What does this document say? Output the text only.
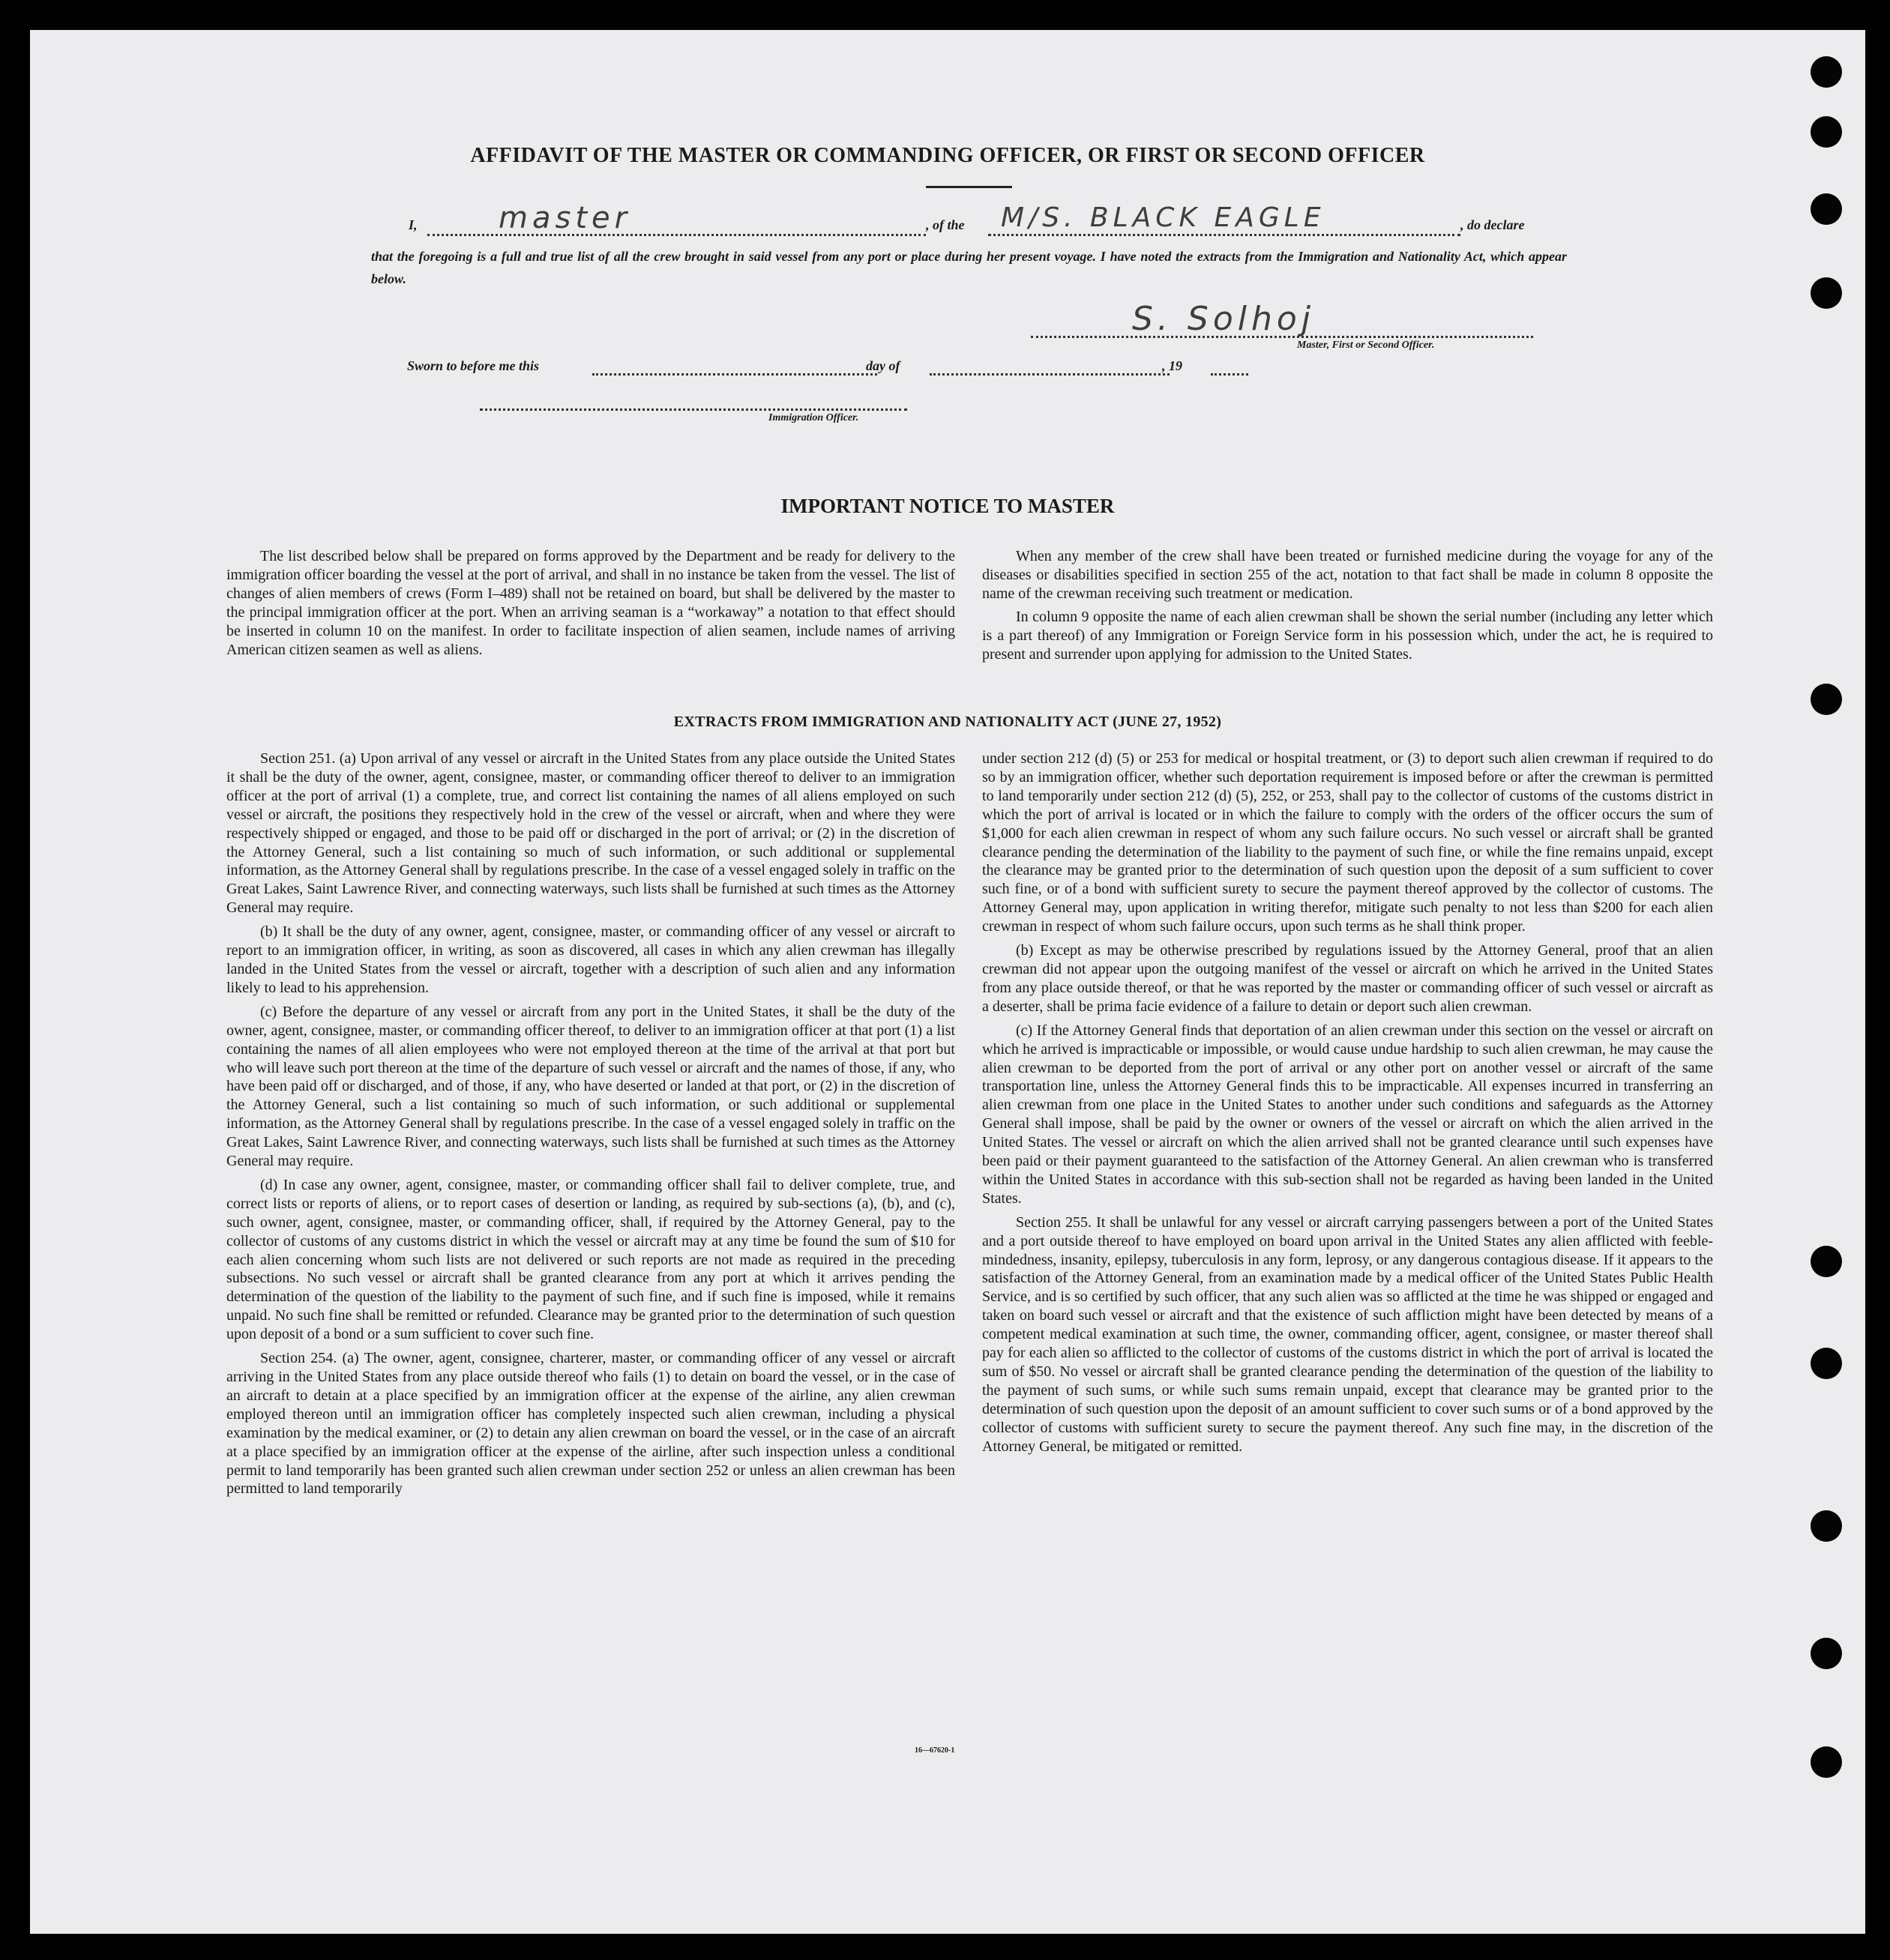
AFFIDAVIT OF THE MASTER OR COMMANDING OFFICER, OR FIRST OR SECOND OFFICER
I,	master	, of the M/S. BLACK EAGLE	, do declare
that the foregoing is a full and true list of all the crew brought in said vessel from any port or place during her present voyage. I have noted the extracts from the Immigration and Nationality Act, which appear below.
S. Solhoj
Master, First or Second Officer.
Sworn to before me this	day of	, 19
Immigration Officer.
IMPORTANT NOTICE TO MASTER

The list described below shall be prepared on forms approved by the Department and be ready for delivery to the immigration officer boarding the vessel at the port of arrival, and shall in no instance be taken from the vessel. The list of changes of alien members of crews (Form I–489) shall not be retained on board, but shall be delivered by the master to the principal immigration officer at the port. When an arriving seaman is a “workaway” a notation to that effect should be inserted in column 10 on the manifest. In order to facilitate inspection of alien seamen, include names of arriving American citizen seamen as well as aliens.

When any member of the crew shall have been treated or furnished medicine during the voyage for any of the diseases or disabilities specified in section 255 of the act, notation to that fact shall be made in column 8 opposite the name of the crewman receiving such treatment or medication.

In column 9 opposite the name of each alien crewman shall be shown the serial number (including any letter which is a part thereof) of any Immigration or Foreign Service form in his possession which, under the act, he is required to present and surrender upon applying for admission to the United States.

EXTRACTS FROM IMMIGRATION AND NATIONALITY ACT (JUNE 27, 1952)

Section 251. (a) Upon arrival of any vessel or aircraft in the United States from any place outside the United States it shall be the duty of the owner, agent, consignee, master, or commanding officer thereof to deliver to an immigration officer at the port of arrival (1) a complete, true, and correct list containing the names of all aliens employed on such vessel or aircraft, the positions they respectively hold in the crew of the vessel or aircraft, when and where they were respectively shipped or engaged, and those to be paid off or discharged in the port of arrival; or (2) in the discretion of the Attorney General, such a list containing so much of such information, or such additional or supplemental information, as the Attorney General shall by regulations prescribe. In the case of a vessel engaged solely in traffic on the Great Lakes, Saint Lawrence River, and connecting waterways, such lists shall be furnished at such times as the Attorney General may require.

(b) It shall be the duty of any owner, agent, consignee, master, or commanding officer of any vessel or aircraft to report to an immigration officer, in writing, as soon as discovered, all cases in which any alien crewman has illegally landed in the United States from the vessel or aircraft, together with a description of such alien and any information likely to lead to his apprehension.

(c) Before the departure of any vessel or aircraft from any port in the United States, it shall be the duty of the owner, agent, consignee, master, or commanding officer thereof, to deliver to an immigration officer at that port (1) a list containing the names of all alien employees who were not employed thereon at the time of the arrival at that port but who will leave such port thereon at the time of the departure of such vessel or aircraft and the names of those, if any, who have been paid off or discharged, and of those, if any, who have deserted or landed at that port, or (2) in the discretion of the Attorney General, such a list containing so much of such information, or such additional or supplemental information, as the Attorney General shall by regulations prescribe. In the case of a vessel engaged solely in traffic on the Great Lakes, Saint Lawrence River, and connecting waterways, such lists shall be furnished at such times as the Attorney General may require.

(d) In case any owner, agent, consignee, master, or commanding officer shall fail to deliver complete, true, and correct lists or reports of aliens, or to report cases of desertion or landing, as required by sub-sections (a), (b), and (c), such owner, agent, consignee, master, or commanding officer, shall, if required by the Attorney General, pay to the collector of customs of any customs district in which the vessel or aircraft may at any time be found the sum of $10 for each alien concerning whom such lists are not delivered or such reports are not made as required in the preceding subsections. No such vessel or aircraft shall be granted clearance from any port at which it arrives pending the determination of the question of the liability to the payment of such fine, and if such fine is imposed, while it remains unpaid. No such fine shall be remitted or refunded. Clearance may be granted prior to the determination of such question upon deposit of a bond or a sum sufficient to cover such fine.

Section 254. (a) The owner, agent, consignee, charterer, master, or commanding officer of any vessel or aircraft arriving in the United States from any place outside thereof who fails (1) to detain on board the vessel, or in the case of an aircraft to detain at a place specified by an immigration officer at the expense of the airline, any alien crewman employed thereon until an immigration officer has completely inspected such alien crewman, including a physical examination by the medical examiner, or (2) to detain any alien crewman on board the vessel, or in the case of an aircraft at a place specified by an immigration officer at the expense of the airline, after such inspection unless a conditional permit to land temporarily has been granted such alien crewman under section 252 or unless an alien crewman has been permitted to land temporarily

under section 212 (d) (5) or 253 for medical or hospital treatment, or (3) to deport such alien crewman if required to do so by an immigration officer, whether such deportation requirement is imposed before or after the crewman is permitted to land temporarily under section 212 (d) (5), 252, or 253, shall pay to the collector of customs of the customs district in which the port of arrival is located or in which the failure to comply with the orders of the officer occurs the sum of $1,000 for each alien crewman in respect of whom any such failure occurs. No such vessel or aircraft shall be granted clearance pending the determination of the liability to the payment of such fine, or while the fine remains unpaid, except the clearance may be granted prior to the determination of such question upon the deposit of a sum sufficient to cover such fine, or of a bond with sufficient surety to secure the payment thereof approved by the collector of customs. The Attorney General may, upon application in writing therefor, mitigate such penalty to not less than $200 for each alien crewman in respect of whom such failure occurs, upon such terms as he shall think proper.

(b) Except as may be otherwise prescribed by regulations issued by the Attorney General, proof that an alien crewman did not appear upon the outgoing manifest of the vessel or aircraft on which he arrived in the United States from any place outside thereof, or that he was reported by the master or commanding officer of such vessel or aircraft as a deserter, shall be prima facie evidence of a failure to detain or deport such alien crewman.

(c) If the Attorney General finds that deportation of an alien crewman under this section on the vessel or aircraft on which he arrived is impracticable or impossible, or would cause undue hardship to such alien crewman, he may cause the alien crewman to be deported from the port of arrival or any other port on another vessel or aircraft of the same transportation line, unless the Attorney General finds this to be impracticable. All expenses incurred in transferring an alien crewman from one place in the United States to another under such conditions and safeguards as the Attorney General shall impose, shall be paid by the owner or owners of the vessel or aircraft on which the alien arrived in the United States. The vessel or aircraft on which the alien arrived shall not be granted clearance until such expenses have been paid or their payment guaranteed to the satisfaction of the Attorney General. An alien crewman who is transferred within the United States in accordance with this sub-section shall not be regarded as having been landed in the United States.

Section 255. It shall be unlawful for any vessel or aircraft carrying passengers between a port of the United States and a port outside thereof to have employed on board upon arrival in the United States any alien afflicted with feeble-mindedness, insanity, epilepsy, tuberculosis in any form, leprosy, or any dangerous contagious disease. If it appears to the satisfaction of the Attorney General, from an examination made by a medical officer of the United States Public Health Service, and is so certified by such officer, that any such alien was so afflicted at the time he was shipped or engaged and taken on board such vessel or aircraft and that the existence of such affliction might have been detected by means of a competent medical examination at such time, the owner, commanding officer, agent, consignee, or master thereof shall pay for each alien so afflicted to the collector of customs of the customs district in which the port of arrival is located the sum of $50. No vessel or aircraft shall be granted clearance pending the determination of the question of the liability to the payment of such sums, or while such sums remain unpaid, except that clearance may be granted prior to the determination of such question upon the deposit of an amount sufficient to cover such sums or of a bond approved by the collector of customs with sufficient surety to secure the payment thereof. Any such fine may, in the discretion of the Attorney General, be mitigated or remitted.

16—67620-1
